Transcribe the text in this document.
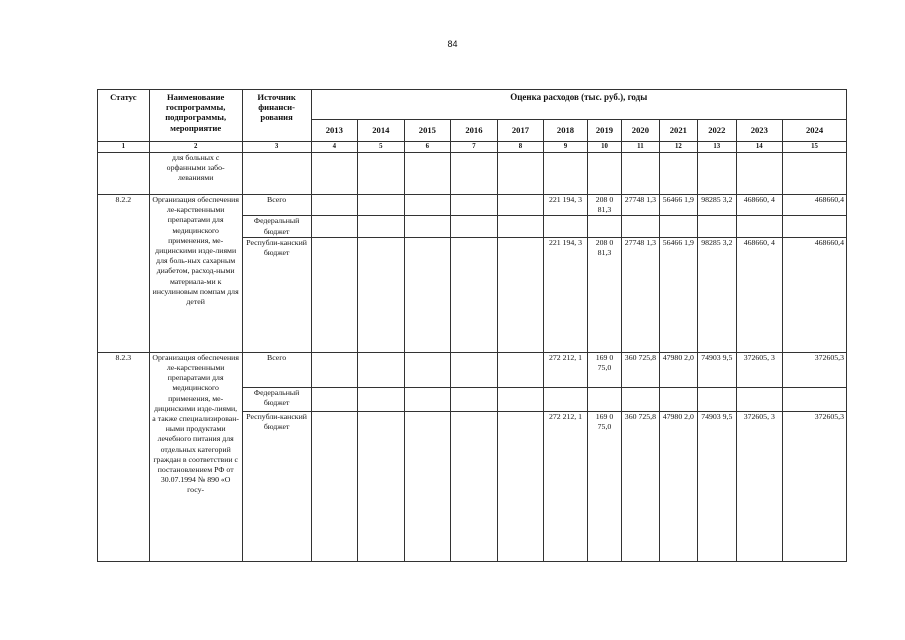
84
Статус	Наименование госпрограммы, подпрограммы, мероприятие	Источник финанси-рования	Оценка расходов (тыс. руб.), годы											
			2013	2014	2015	2016	2017	2018	2019	2020	2021	2022	2023	2024
1	2	3	4	5	6	7	8	9	10	11	12	13	14	15
	для больных с орфанными забо-леваниями													
8.2.2	Организация обеспечения ле-карственными препаратами для медицинского применения, ме-дицинскими изде-лиями для боль-ных сахарным диабетом, расход-ными материала-ми к инсулиновым помпам для детей	Всего						221 194, 3	208 0 81,3	27748 1,3	56466 1,9	98285 3,2	468660, 4	468660,4
		Федеральный бюджет												
		Республи-канский бюджет						221 194, 3	208 0 81,3	27748 1,3	56466 1,9	98285 3,2	468660, 4	468660,4
8.2.3	Организация обеспечения ле-карственными препаратами для медицинского применения, ме-дицинскими изде-лиями, а также специализирован-ными продуктами лечебного питания для отдельных категорий граждан в соответствии с постановлением РФ от 30.07.1994 № 890 «О госу-	Всего						272 212, 1	169 0 75,0	360 725,8	47980 2,0	74903 9,5	372605, 3	372605,3
		Федеральный бюджет												
		Республи-канский бюджет						272 212, 1	169 0 75,0	360 725,8	47980 2,0	74903 9,5	372605, 3	372605,3
